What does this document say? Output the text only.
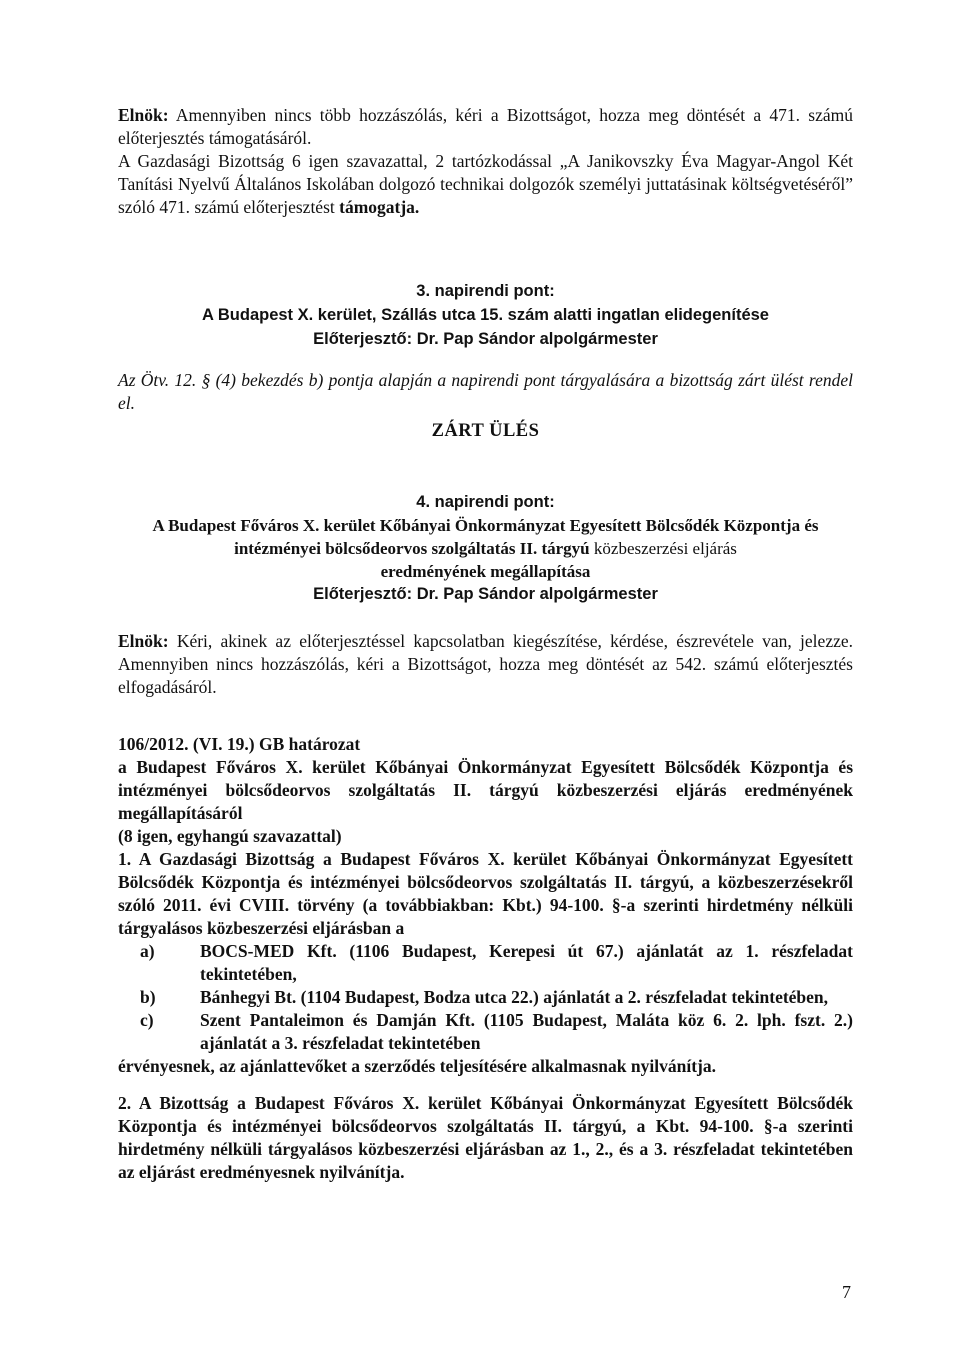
Elnök: Amennyiben nincs több hozzászólás, kéri a Bizottságot, hozza meg döntését a 471. számú előterjesztés támogatásáról.

A Gazdasági Bizottság 6 igen szavazattal, 2 tartózkodással „A Janikovszky Éva Magyar-Angol Két Tanítási Nyelvű Általános Iskolában dolgozó technikai dolgozók személyi juttatásinak költségvetéséről” szóló 471. számú előterjesztést támogatja.

3. napirendi pont:
A Budapest X. kerület, Szállás utca 15. szám alatti ingatlan elidegenítése
Előterjesztő: Dr. Pap Sándor alpolgármester

Az Ötv. 12. § (4) bekezdés b) pontja alapján a napirendi pont tárgyalására a bizottság zárt ülést rendel el.

ZÁRT ÜLÉS

4. napirendi pont:
A Budapest Főváros X. kerület Kőbányai Önkormányzat Egyesített Bölcsődék Központja és intézményei bölcsődeorvos szolgáltatás II. tárgyú közbeszerzési eljárás
eredményének megállapítása
Előterjesztő: Dr. Pap Sándor alpolgármester

Elnök: Kéri, akinek az előterjesztéssel kapcsolatban kiegészítése, kérdése, észrevétele van, jelezze. Amennyiben nincs hozzászólás, kéri a Bizottságot, hozza meg döntését az 542. számú előterjesztés elfogadásáról.

106/2012. (VI. 19.) GB határozat

a Budapest Főváros X. kerület Kőbányai Önkormányzat Egyesített Bölcsődék Központja és intézményei bölcsődeorvos szolgáltatás II. tárgyú közbeszerzési eljárás eredményének megállapításáról

(8 igen, egyhangú szavazattal)

1. A Gazdasági Bizottság a Budapest Főváros X. kerület Kőbányai Önkormányzat Egyesített Bölcsődék Központja és intézményei bölcsődeorvos szolgáltatás II. tárgyú, a közbeszerzésekről szóló 2011. évi CVIII. törvény (a továbbiakban: Kbt.) 94-100. §-a szerinti hirdetmény nélküli tárgyalásos közbeszerzési eljárásban a

a)	BOCS-MED Kft. (1106 Budapest, Kerepesi út 67.) ajánlatát az 1. részfeladat tekintetében,
b)	Bánhegyi Bt. (1104 Budapest, Bodza utca 22.) ajánlatát a 2. részfeladat tekintetében,
c)	Szent Pantaleimon és Damján Kft. (1105 Budapest, Maláta köz 6. 2. lph. fszt. 2.) ajánlatát a 3. részfeladat tekintetében

érvényesnek, az ajánlattevőket a szerződés teljesítésére alkalmasnak nyilvánítja.

2. A Bizottság a Budapest Főváros X. kerület Kőbányai Önkormányzat Egyesített Bölcsődék Központja és intézményei bölcsődeorvos szolgáltatás II. tárgyú, a Kbt. 94-100. §-a szerinti hirdetmény nélküli tárgyalásos közbeszerzési eljárásban az 1., 2., és a 3. részfeladat tekintetében az eljárást eredményesnek nyilvánítja.

7
